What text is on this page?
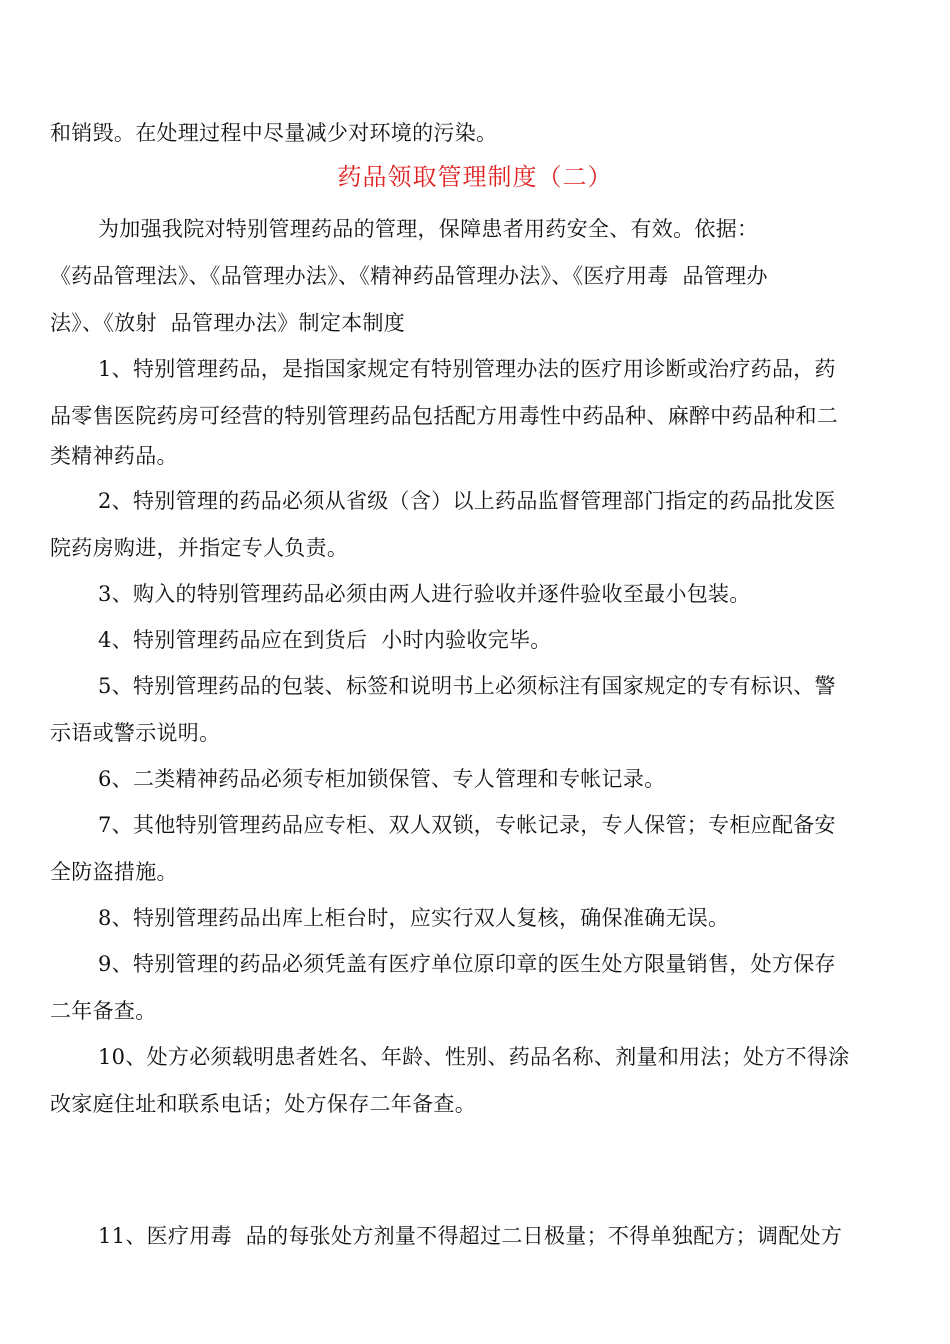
和销毁。在处理过程中尽量减少对环境的污染。
药品领取管理制度（二）
为加强我院对特别管理药品的管理，保障患者用药安全、有效。依据：
《药品管理法》、《品管理办法》、《精神药品管理办法》、《医疗用毒  品管理办
法》、《放射  品管理办法》制定本制度
1、特别管理药品，是指国家规定有特别管理办法的医疗用诊断或治疗药品，药
品零售医院药房可经营的特别管理药品包括配方用毒性中药品种、麻醉中药品种和二
类精神药品。
2、特别管理的药品必须从省级（含）以上药品监督管理部门指定的药品批发医
院药房购进，并指定专人负责。
3、购入的特别管理药品必须由两人进行验收并逐件验收至最小包装。
4、特别管理药品应在到货后  小时内验收完毕。
5、特别管理药品的包装、标签和说明书上必须标注有国家规定的专有标识、警
示语或警示说明。
6、二类精神药品必须专柜加锁保管、专人管理和专帐记录。
7、其他特别管理药品应专柜、双人双锁，专帐记录，专人保管；专柜应配备安
全防盗措施。
8、特别管理药品出库上柜台时，应实行双人复核，确保准确无误。
9、特别管理的药品必须凭盖有医疗单位原印章的医生处方限量销售，处方保存
二年备查。
10、处方必须载明患者姓名、年龄、性别、药品名称、剂量和用法；处方不得涂
改家庭住址和联系电话；处方保存二年备查。
11、医疗用毒  品的每张处方剂量不得超过二日极量；不得单独配方；调配处方
